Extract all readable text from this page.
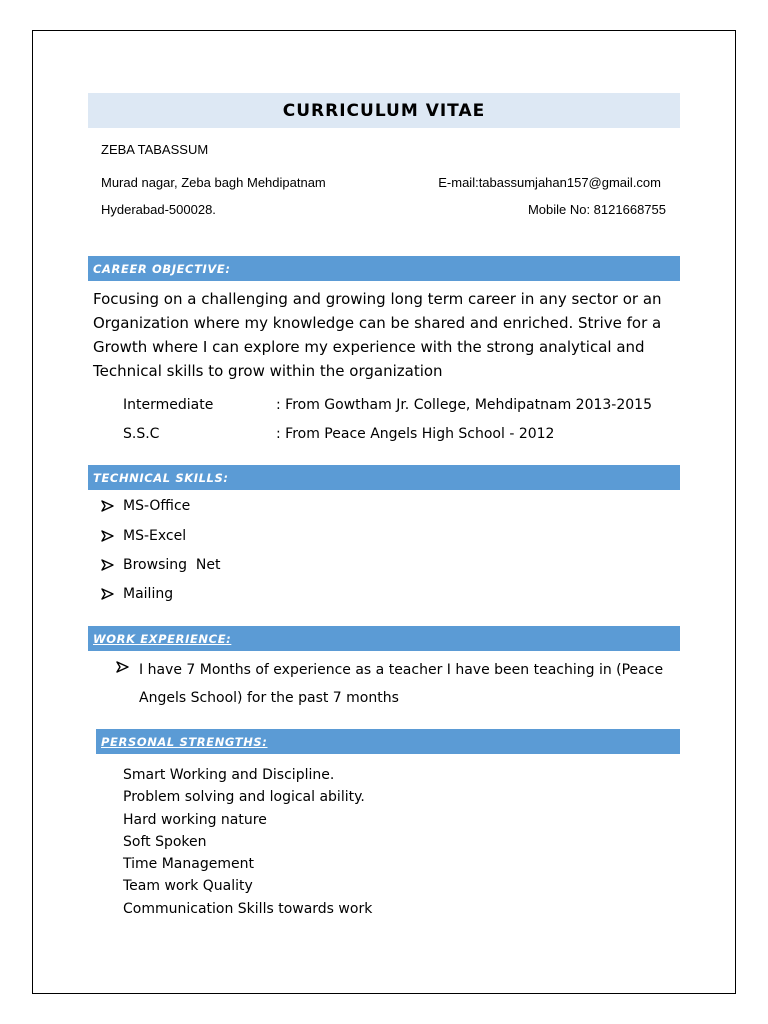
CURRICULUM VITAE
ZEBA TABASSUM
Murad nagar, Zeba bagh Mehdipatnam
Hyderabad-500028.
E-mail:tabassumjahan157@gmail.com
Mobile No: 8121668755
CAREER OBJECTIVE:
Focusing on a challenging and growing long term career in any sector or an Organization where my knowledge can be shared and enriched. Strive for a Growth where I can explore my experience with the strong analytical and Technical skills to grow within the organization
Intermediate	: From Gowtham Jr. College, Mehdipatnam 2013-2015
S.S.C	: From Peace Angels High School - 2012
TECHNICAL SKILLS:
MS-Office
MS-Excel
Browsing  Net
Mailing
WORK EXPERIENCE:
I have 7 Months of experience as a teacher I have been teaching in (Peace Angels School) for the past 7 months
PERSONAL STRENGTHS:
Smart Working and Discipline.
Problem solving and logical ability.
Hard working nature
Soft Spoken
Time Management
Team work Quality
Communication Skills towards work
